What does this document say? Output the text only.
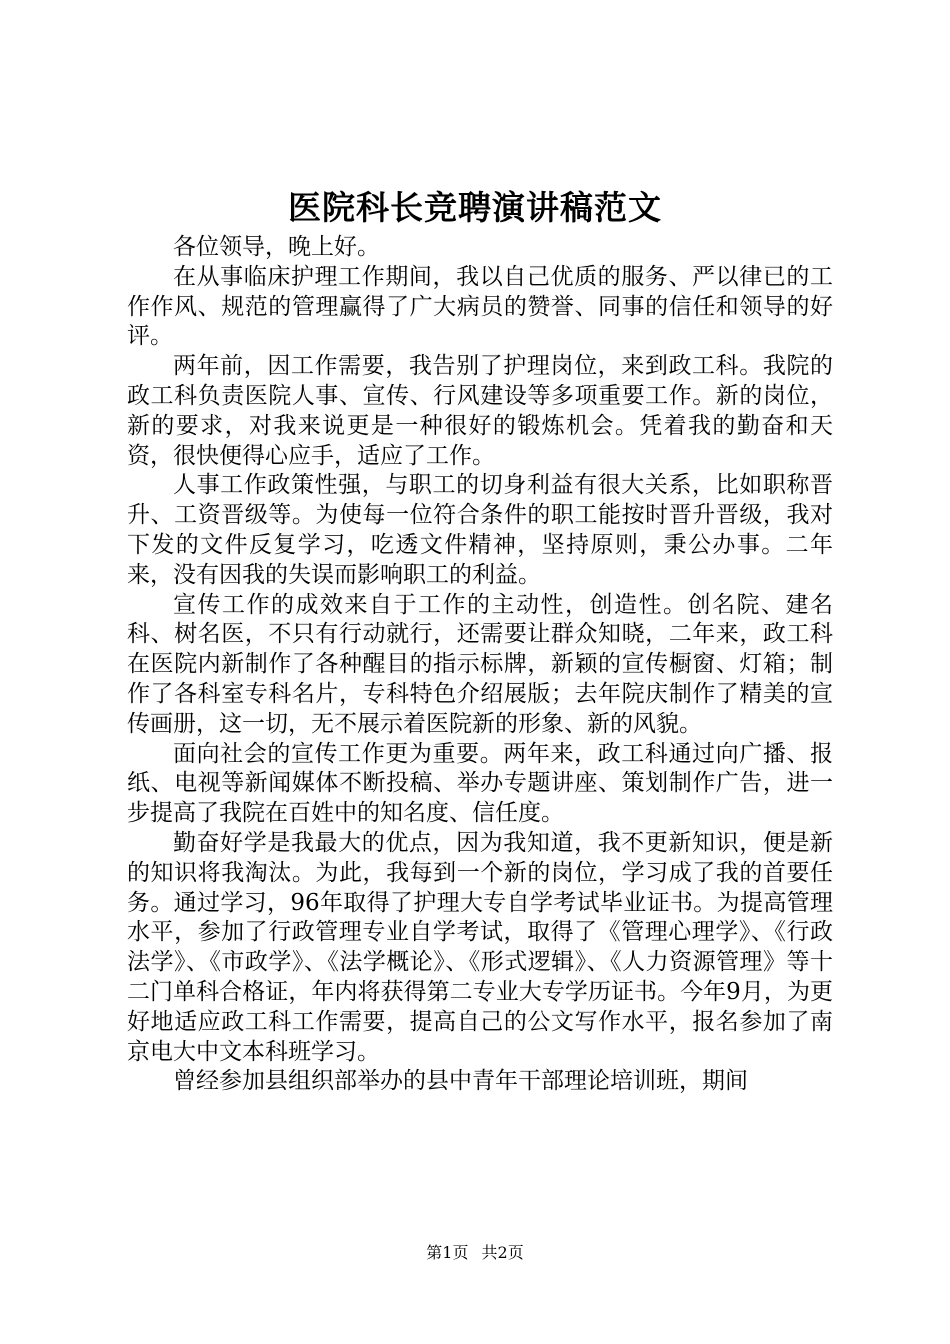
医院科长竞聘演讲稿范文

各位领导，晚上好。

在从事临床护理工作期间，我以自己优质的服务、严以律已的工作作风、规范的管理赢得了广大病员的赞誉、同事的信任和领导的好评。

两年前，因工作需要，我告别了护理岗位，来到政工科。我院的政工科负责医院人事、宣传、行风建设等多项重要工作。新的岗位，新的要求，对我来说更是一种很好的锻炼机会。凭着我的勤奋和天资，很快便得心应手，适应了工作。

人事工作政策性强，与职工的切身利益有很大关系，比如职称晋升、工资晋级等。为使每一位符合条件的职工能按时晋升晋级，我对下发的文件反复学习，吃透文件精神，坚持原则，秉公办事。二年来，没有因我的失误而影响职工的利益。

宣传工作的成效来自于工作的主动性，创造性。创名院、建名科、树名医，不只有行动就行，还需要让群众知晓，二年来，政工科在医院内新制作了各种醒目的指示标牌，新颖的宣传橱窗、灯箱；制作了各科室专科名片，专科特色介绍展版；去年院庆制作了精美的宣传画册，这一切，无不展示着医院新的形象、新的风貌。

面向社会的宣传工作更为重要。两年来，政工科通过向广播、报纸、电视等新闻媒体不断投稿、举办专题讲座、策划制作广告，进一步提高了我院在百姓中的知名度、信任度。

勤奋好学是我最大的优点，因为我知道，我不更新知识，便是新的知识将我淘汰。为此，我每到一个新的岗位，学习成了我的首要任务。通过学习，96年取得了护理大专自学考试毕业证书。为提高管理水平，参加了行政管理专业自学考试，取得了《管理心理学》、《行政法学》、《市政学》、《法学概论》、《形式逻辑》、《人力资源管理》等十二门单科合格证，年内将获得第二专业大专学历证书。今年9月，为更好地适应政工科工作需要，提高自己的公文写作水平，报名参加了南京电大中文本科班学习。

曾经参加县组织部举办的县中青年干部理论培训班，期间

第1页 共2页
